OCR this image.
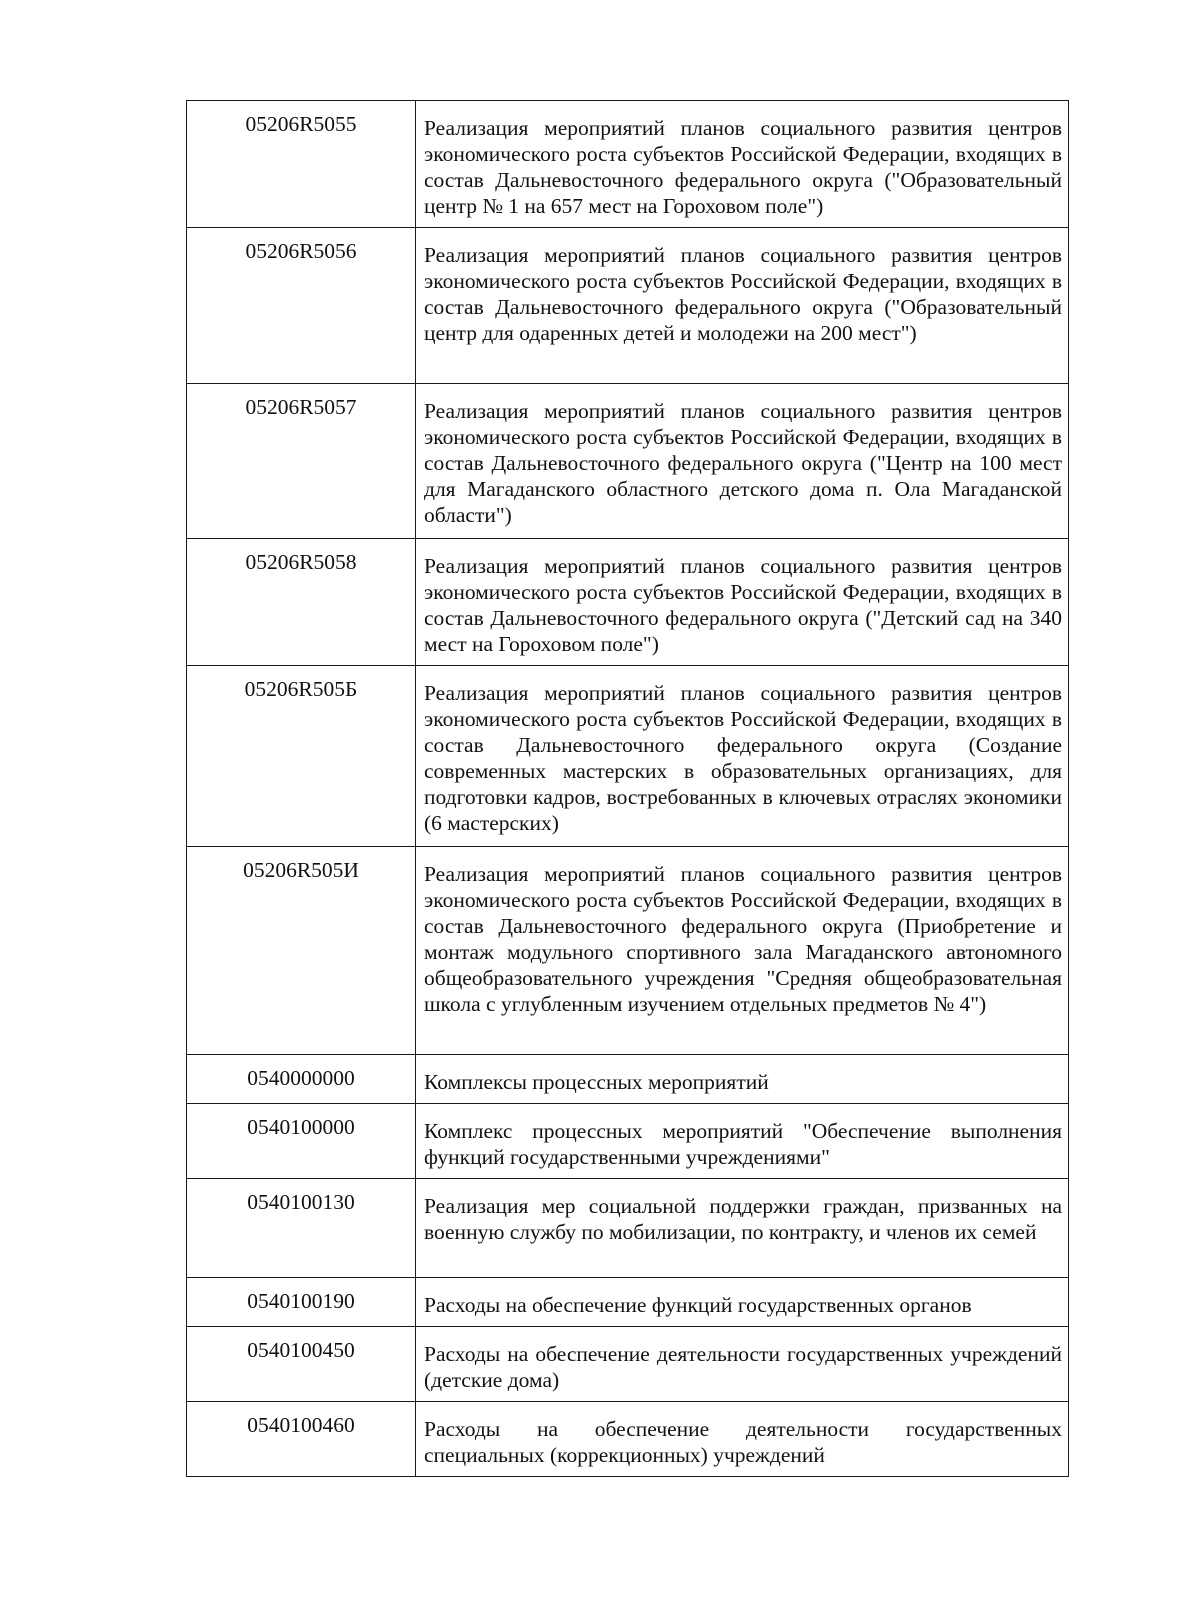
05206R5055	Реализация мероприятий планов социального развития центров экономического роста субъектов Российской Федерации, входящих в состав Дальневосточного федерального округа ("Образовательный центр № 1 на 657 мест на Гороховом поле")

05206R5056	Реализация мероприятий планов социального развития центров экономического роста субъектов Российской Федерации, входящих в состав Дальневосточного федерального округа ("Образовательный центр для одаренных детей и молодежи на 200 мест")

05206R5057	Реализация мероприятий планов социального развития центров экономического роста субъектов Российской Федерации, входящих в состав Дальневосточного федерального округа ("Центр на 100 мест для Магаданского областного детского дома п. Ола Магаданской области")

05206R5058	Реализация мероприятий планов социального развития центров экономического роста субъектов Российской Федерации, входящих в состав Дальневосточного федерального округа ("Детский сад на 340 мест на Гороховом поле")

05206R505Б	Реализация мероприятий планов социального развития центров экономического роста субъектов Российской Федерации, входящих в состав Дальневосточного федерального округа (Создание современных мастерских в образовательных организациях, для подготовки кадров, востребованных в ключевых отраслях экономики (6 мастерских)

05206R505И	Реализация мероприятий планов социального развития центров экономического роста субъектов Российской Федерации, входящих в состав Дальневосточного федерального округа (Приобретение и монтаж модульного спортивного зала Магаданского автономного общеобразовательного учреждения "Средняя общеобразовательная школа с углубленным изучением отдельных предметов № 4")

0540000000	Комплексы процессных мероприятий

0540100000	Комплекс процессных мероприятий "Обеспечение выполнения функций государственными учреждениями"

0540100130	Реализация мер социальной поддержки граждан, призванных на военную службу по мобилизации, по контракту, и членов их семей

0540100190	Расходы на обеспечение функций государственных органов

0540100450	Расходы на обеспечение деятельности государственных учреждений (детские дома)

0540100460	Расходы на обеспечение деятельности государственных специальных (коррекционных) учреждений
